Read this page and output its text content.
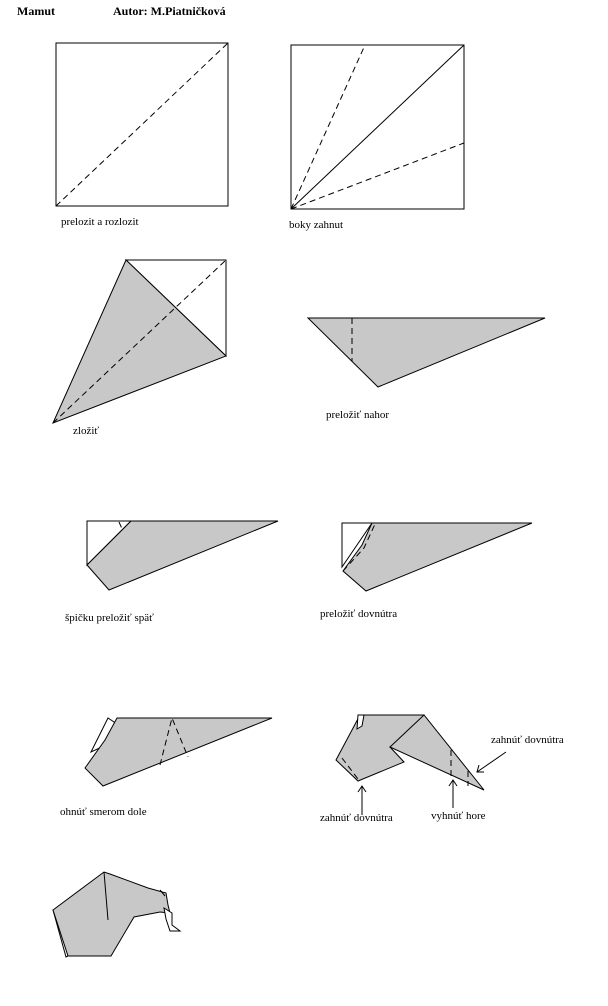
Mamut	Autor: M.Piatničková
prelozit a rozlozit	boky zahnut
zložiť
preložiť nahor
špičku preložiť späť	preložiť dovnútra
ohnúť smerom dole
zahnúť dovnútra
zahnúť dovnútra	vyhnúť hore
